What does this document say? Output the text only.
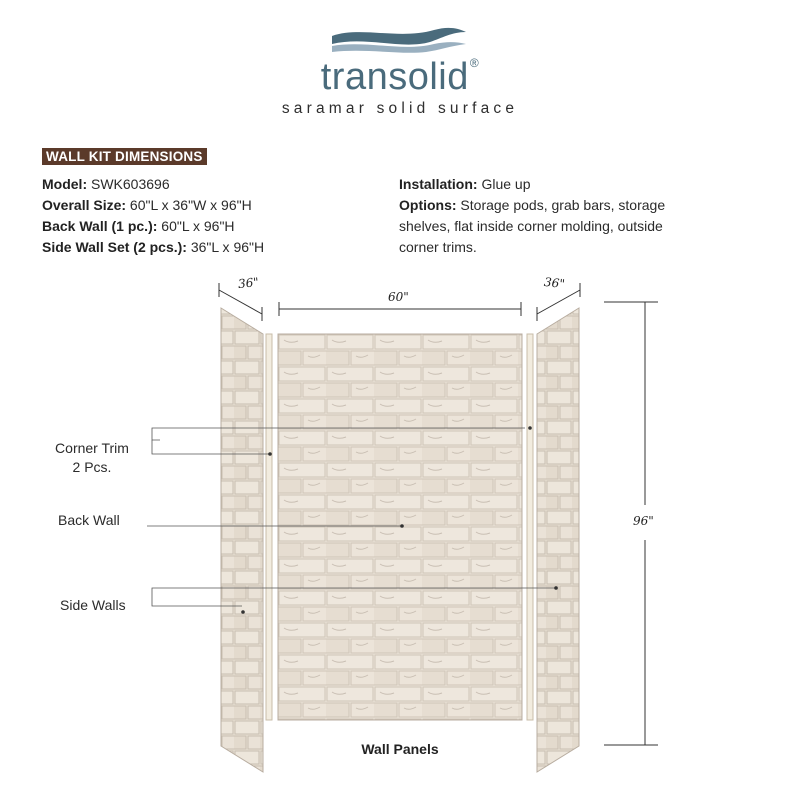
transolid®
saramar solid surface
WALL KIT DIMENSIONS
Model: SWK603696
Overall Size: 60"L x 36"W x 96"H
Back Wall (1 pc.): 60"L x 96"H
Side Wall Set (2 pcs.): 36"L x 96"H
Installation: Glue up
Options: Storage pods, grab bars, storage shelves, flat inside corner molding, outside corner trims.
36"
60"
36"
96"
Corner Trim
2 Pcs.
Back Wall
Side Walls
Wall Panels
